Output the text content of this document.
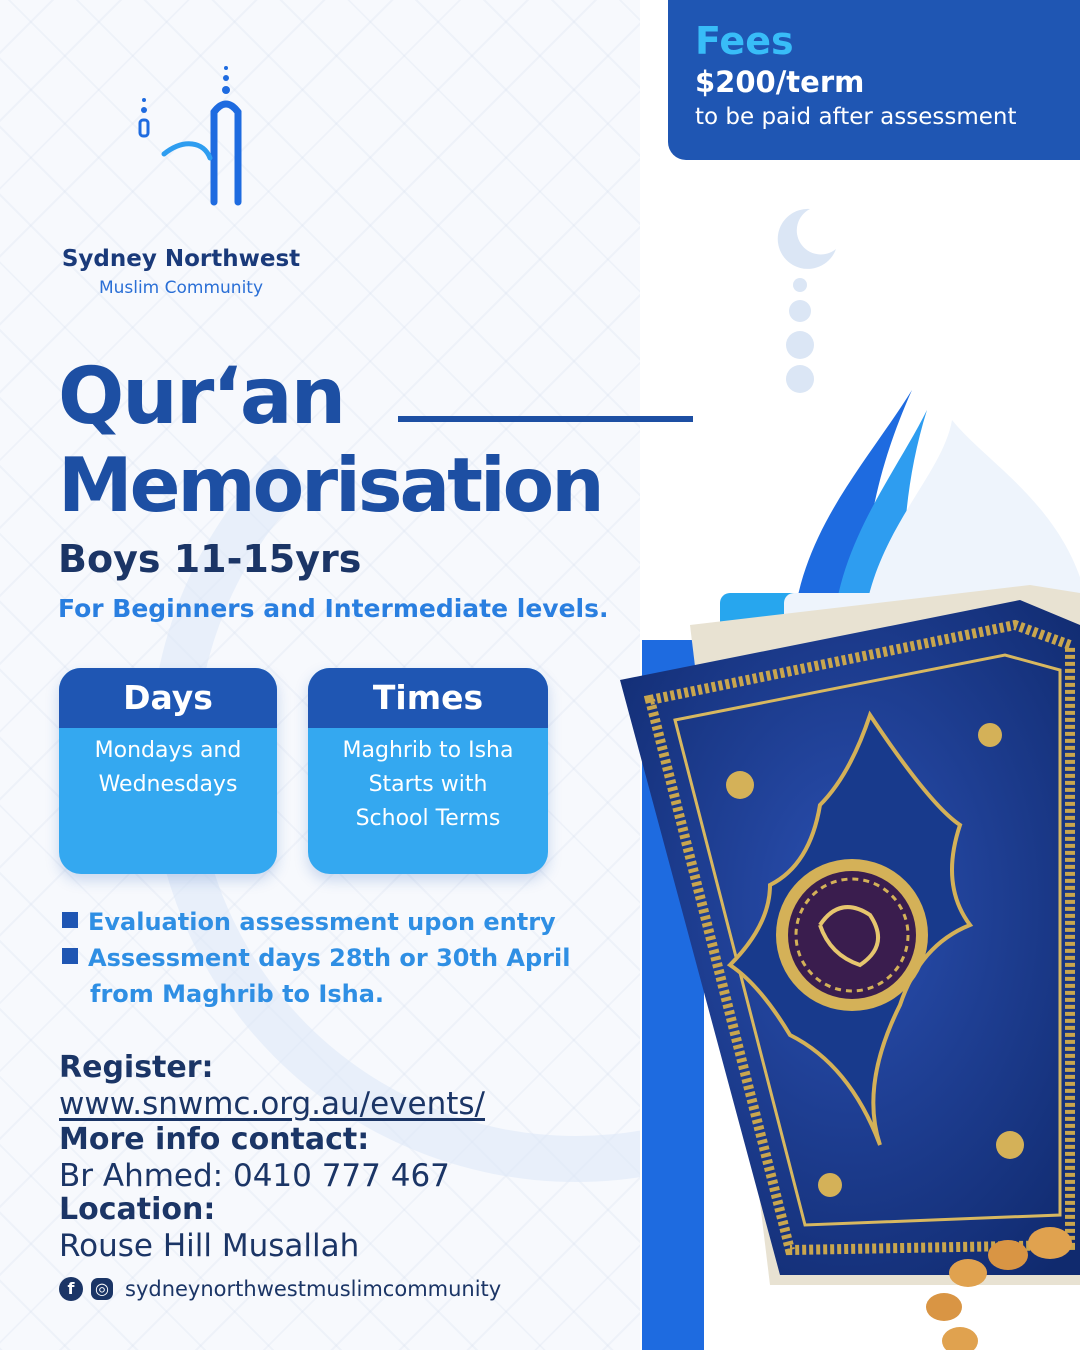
Fees
$200/term
to be paid after assessment
Sydney Northwest
Muslim Community
Qur‘an
Memorisation
Boys 11-15yrs
For Beginners and Intermediate levels.
Days
Mondays and
Wednesdays
Times
Maghrib to Isha
Starts with
School Terms
Evaluation assessment upon entry
Assessment days 28th or 30th April
from Maghrib to Isha.
Register:
www.snwmc.org.au/events/
More info contact:
Br Ahmed: 0410 777 467
Location:
Rouse Hill Musallah
f	◎ sydneynorthwestmuslimcommunity
